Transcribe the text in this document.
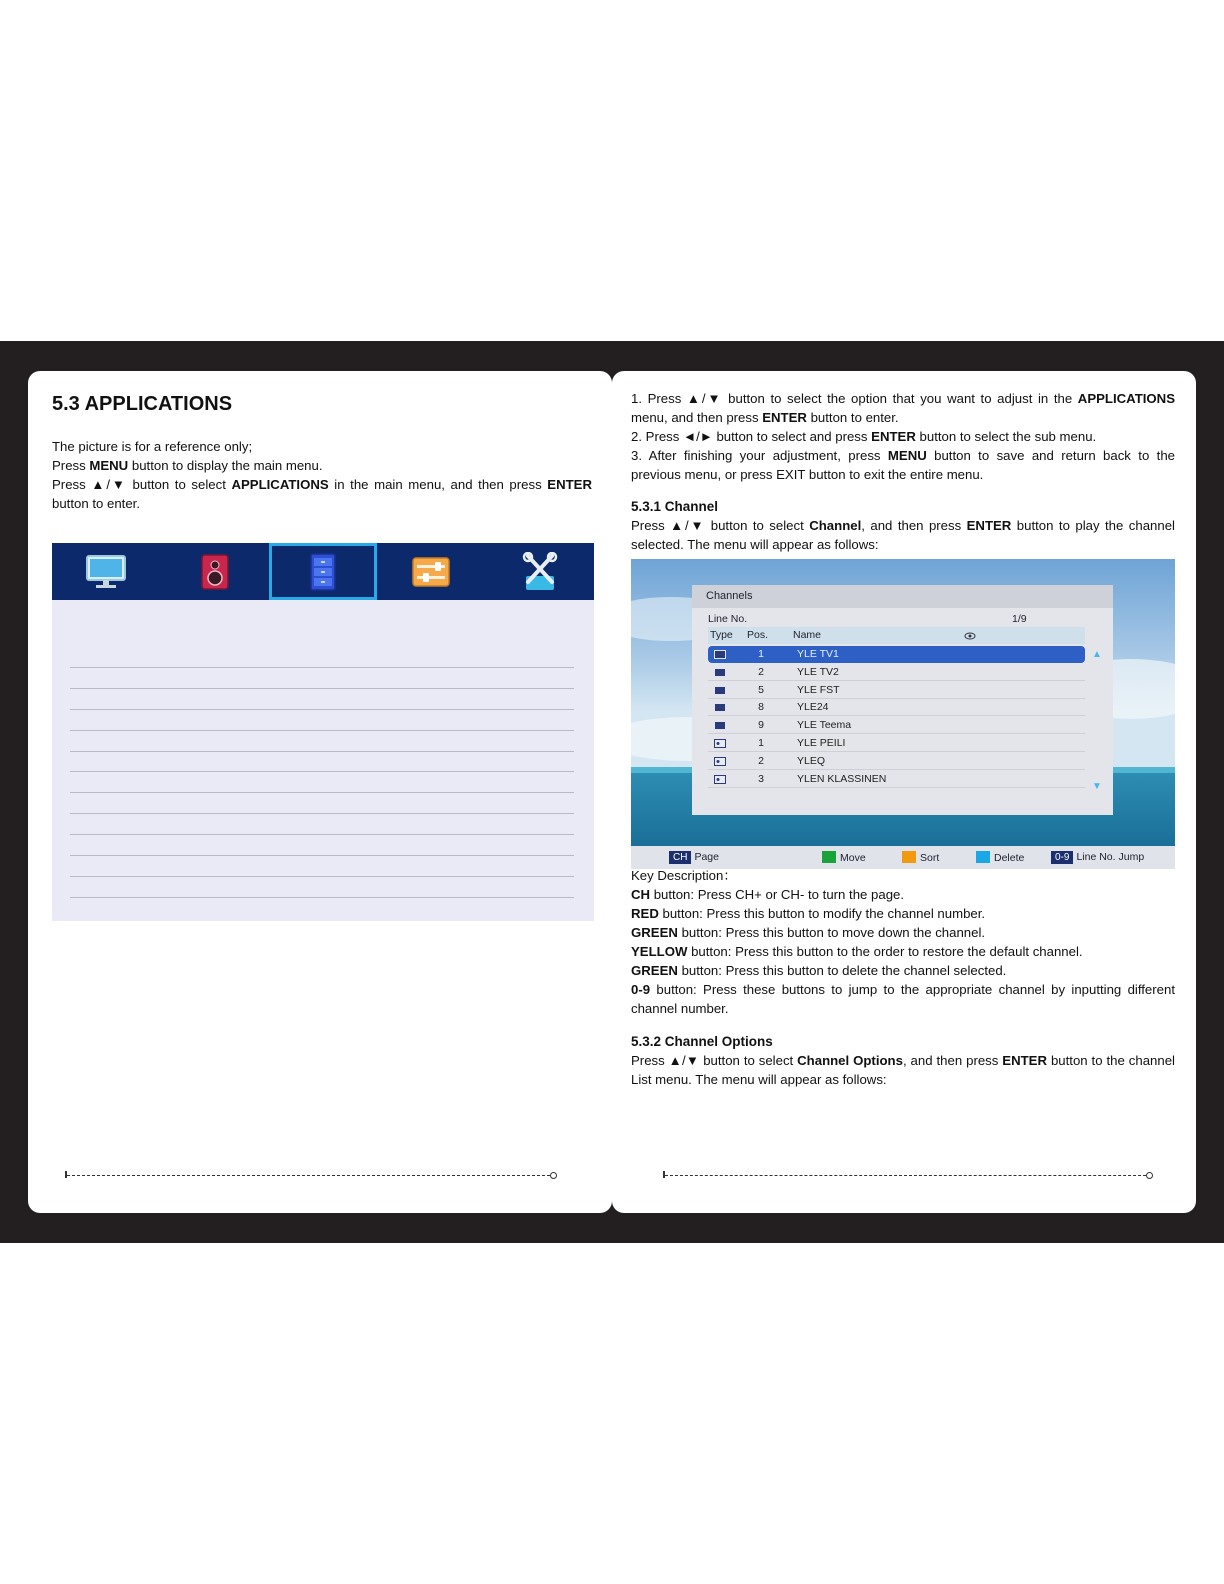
5.3 APPLICATIONS

The picture is for a reference only;

Press MENU button to display the main menu.

Press ▲/▼ button to select APPLICATIONS in the main menu, and then press ENTER button to enter.

1. Press ▲/▼ button to select the option that you want to adjust in the APPLICATIONS menu, and then press ENTER button to enter.

2. Press ◄/► button to select and press ENTER button to select the sub menu.

3. After finishing your adjustment, press MENU button to save and return back to the previous menu, or press EXIT button to exit the entire menu.

5.3.1 Channel

Press ▲/▼ button to select Channel, and then press ENTER button to play the channel selected. The menu will appear as follows:

Channels
Line No.	1/9
Type Pos. Name
1	YLE TV1
2	YLE TV2
5	YLE FST
8	YLE24
9	YLE Teema
1	YLE PEILI
2	YLEQ
3	YLEN KLASSINEN
▲
▼
CH Page	Move	Sort	Delete	0-9 Line No. Jump

Key Description：

CH button: Press CH+ or CH- to turn the page.

RED button: Press this button to modify the channel number.

GREEN button: Press this button to move down the channel.

YELLOW button: Press this button to the order to restore the default channel.

GREEN button: Press this button to delete the channel selected.

0-9 button: Press these buttons to jump to the appropriate channel by inputting different channel number.

5.3.2 Channel Options

Press ▲/▼ button to select Channel Options, and then press ENTER button to the channel List menu. The menu will appear as follows:
